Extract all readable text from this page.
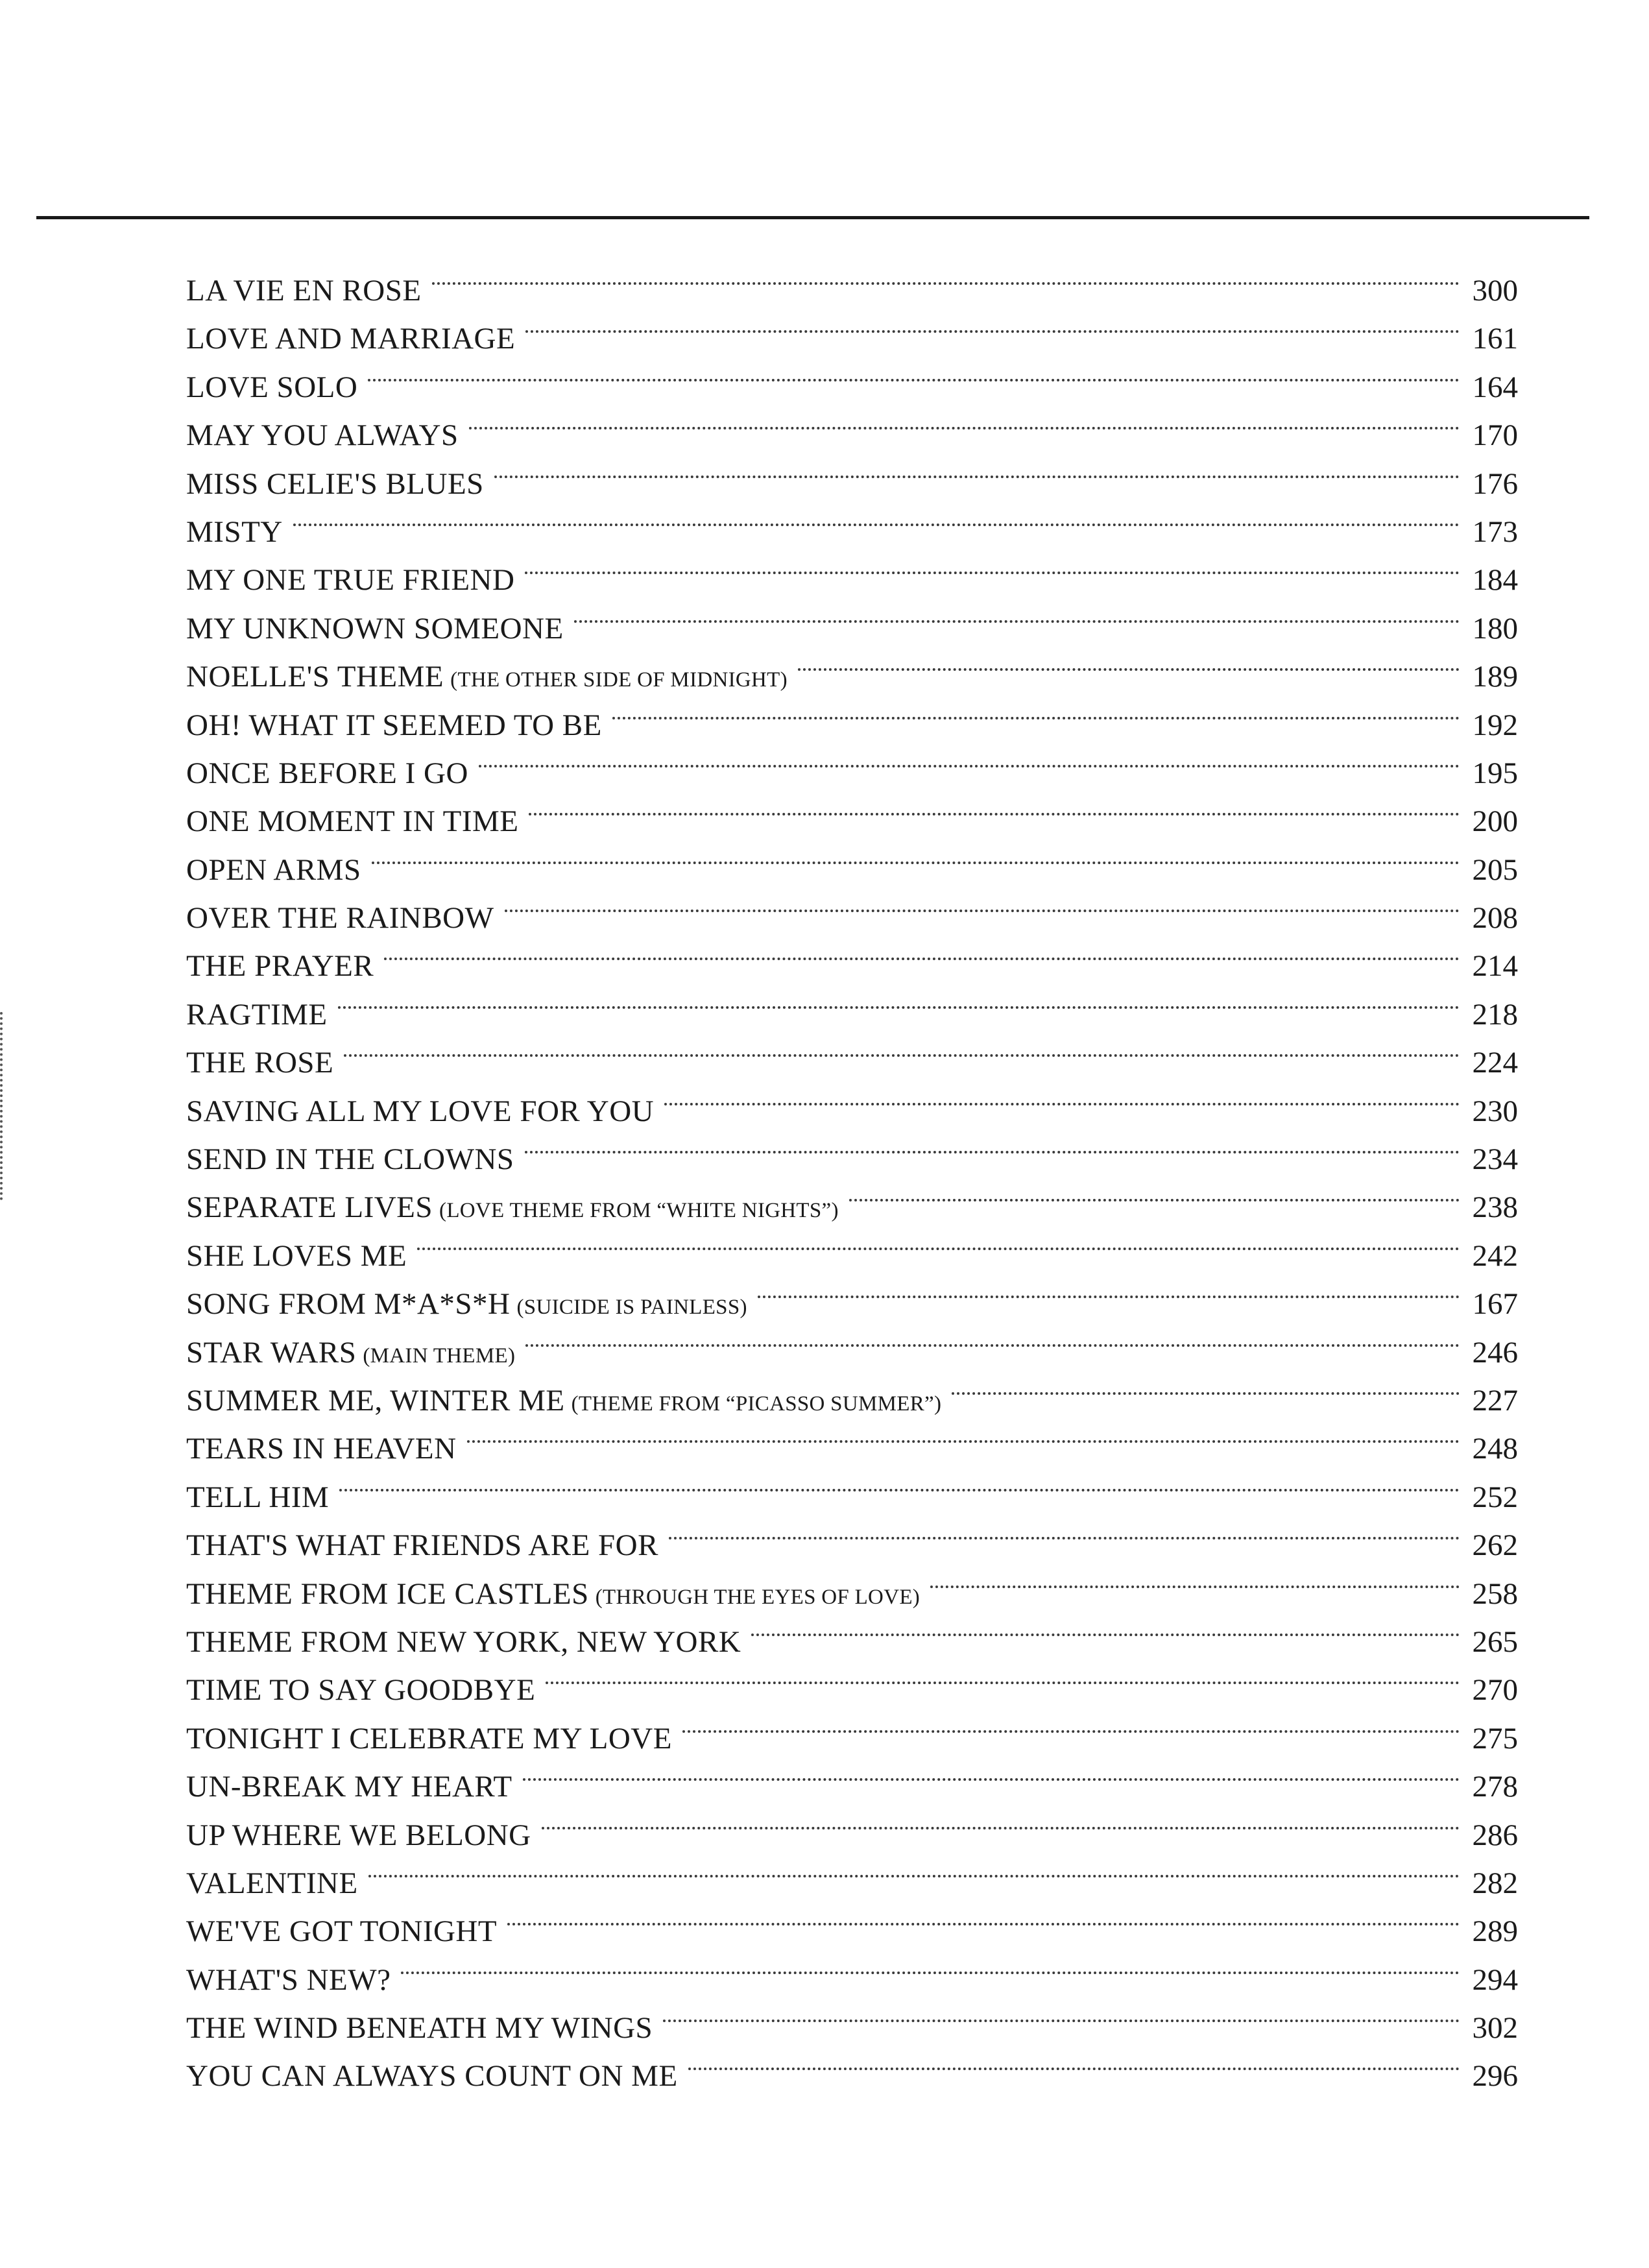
LA VIE EN ROSE	300
LOVE AND MARRIAGE	161
LOVE SOLO	164
MAY YOU ALWAYS	170
MISS CELIE'S BLUES	176
MISTY	173
MY ONE TRUE FRIEND	184
MY UNKNOWN SOMEONE	180
NOELLE'S THEME (THE OTHER SIDE OF MIDNIGHT)	189
OH! WHAT IT SEEMED TO BE	192
ONCE BEFORE I GO	195
ONE MOMENT IN TIME	200
OPEN ARMS	205
OVER THE RAINBOW	208
THE PRAYER	214
RAGTIME	218
THE ROSE	224
SAVING ALL MY LOVE FOR YOU	230
SEND IN THE CLOWNS	234
SEPARATE LIVES (LOVE THEME FROM “WHITE NIGHTS”)	238
SHE LOVES ME	242
SONG FROM M*A*S*H (SUICIDE IS PAINLESS)	167
STAR WARS (MAIN THEME)	246
SUMMER ME, WINTER ME (THEME FROM “PICASSO SUMMER”)	227
TEARS IN HEAVEN	248
TELL HIM	252
THAT'S WHAT FRIENDS ARE FOR	262
THEME FROM ICE CASTLES (THROUGH THE EYES OF LOVE)	258
THEME FROM NEW YORK, NEW YORK	265
TIME TO SAY GOODBYE	270
TONIGHT I CELEBRATE MY LOVE	275
UN-BREAK MY HEART	278
UP WHERE WE BELONG	286
VALENTINE	282
WE'VE GOT TONIGHT	289
WHAT'S NEW?	294
THE WIND BENEATH MY WINGS	302
YOU CAN ALWAYS COUNT ON ME	296
